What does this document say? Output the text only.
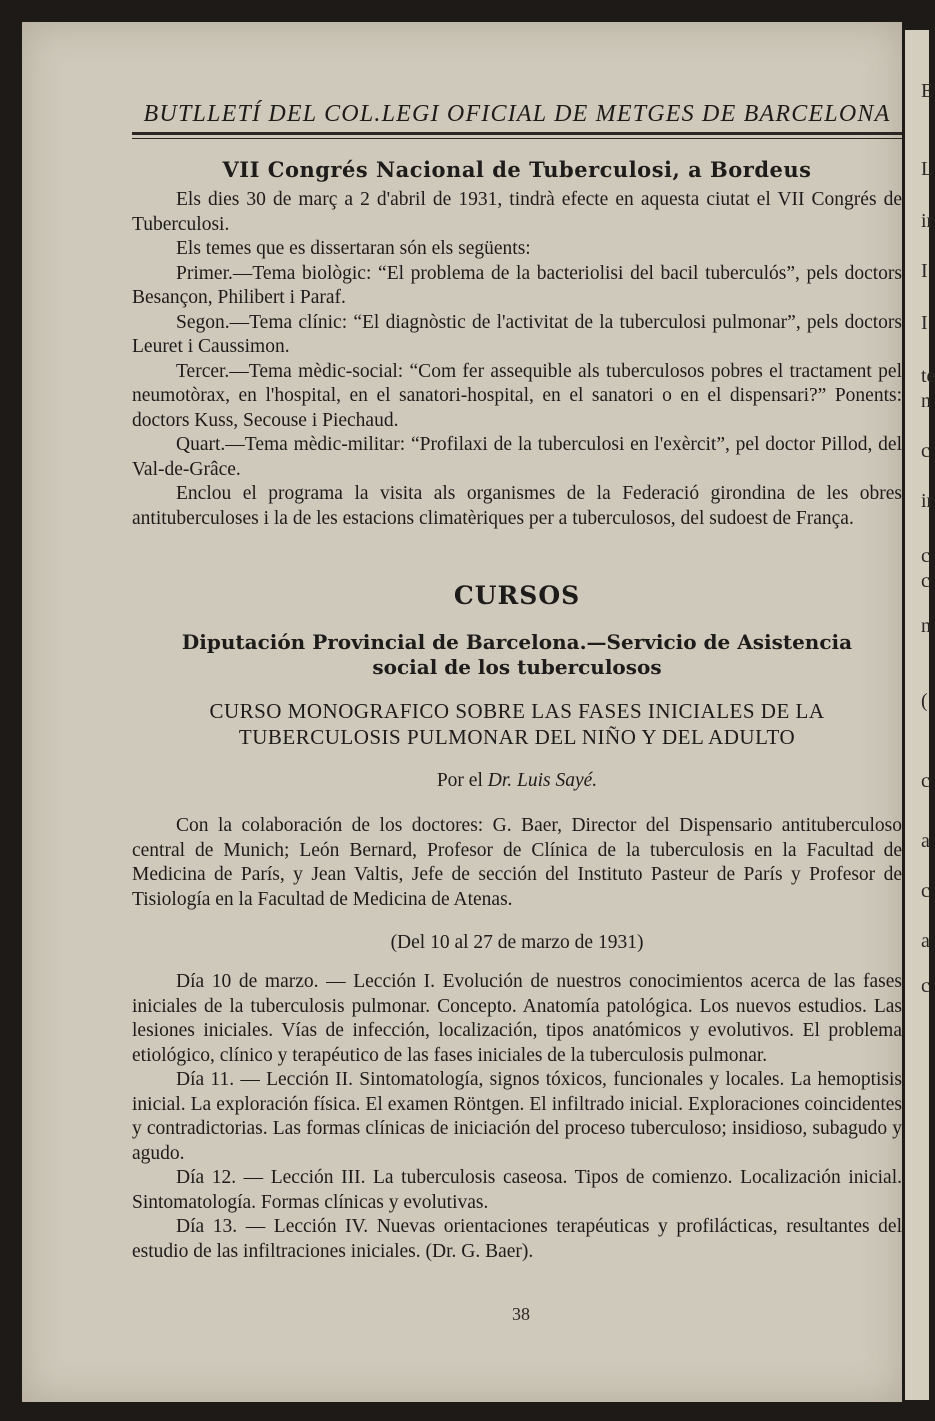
BUTLLETÍ DEL COL.LEGI OFICIAL DE METGES DE BARCELONA
VII Congrés Nacional de Tuberculosi, a Bordeus

Els dies 30 de març a 2 d'abril de 1931, tindrà efecte en aquesta ciutat el VII Congrés de Tuberculosi.

Els temes que es dissertaran són els següents:

Primer.—Tema biològic: “El problema de la bacteriolisi del bacil tuberculós”, pels doctors Besançon, Philibert i Paraf.

Segon.—Tema clínic: “El diagnòstic de l'activitat de la tuberculosi pulmonar”, pels doctors Leuret i Caussimon.

Tercer.—Tema mèdic-social: “Com fer assequible als tuberculosos pobres el tractament pel neumotòrax, en l'hospital, en el sanatori-hospital, en el sanatori o en el dispensari?” Ponents: doctors Kuss, Secouse i Piechaud.

Quart.—Tema mèdic-militar: “Profilaxi de la tuberculosi en l'exèrcit”, pel doctor Pillod, del Val-de-Grâce.

Enclou el programa la visita als organismes de la Federació girondina de les obres antituberculoses i la de les estacions climatèriques per a tuberculosos, del sudoest de França.

CURSOS
Diputación Provincial de Barcelona.—Servicio de Asistencia
social de los tuberculosos
CURSO MONOGRAFICO SOBRE LAS FASES INICIALES DE LA
TUBERCULOSIS PULMONAR DEL NIÑO Y DEL ADULTO
Por el Dr. Luis Sayé.

Con la colaboración de los doctores: G. Baer, Director del Dispensario antituberculoso central de Munich; León Bernard, Profesor de Clínica de la tuberculosis en la Facultad de Medicina de París, y Jean Valtis, Jefe de sección del Instituto Pasteur de París y Profesor de Tisiología en la Facultad de Medicina de Atenas.

(Del 10 al 27 de marzo de 1931)

Día 10 de marzo. — Lección I. Evolución de nuestros conocimientos acerca de las fases iniciales de la tuberculosis pulmonar. Concepto. Anatomía patológica. Los nuevos estudios. Las lesiones iniciales. Vías de infección, localización, tipos anatómicos y evolutivos. El problema etiológico, clínico y terapéutico de las fases iniciales de la tuberculosis pulmonar.

Día 11. — Lección II. Sintomatología, signos tóxicos, funcionales y locales. La hemoptisis inicial. La exploración física. El examen Röntgen. El infiltrado inicial. Exploraciones coincidentes y contradictorias. Las formas clínicas de iniciación del proceso tuberculoso; insidioso, subagudo y agudo.

Día 12. — Lección III. La tuberculosis caseosa. Tipos de comienzo. Localización inicial. Sintomatología. Formas clínicas y evolutivas.

Día 13. — Lección IV. Nuevas orientaciones terapéuticas y profilácticas, resultantes del estudio de las infiltraciones iniciales. (Dr. G. Baer).

38
E
L
ir
I
I
te
n
c
ir
c
c
n
(
c
a
c
a
c
